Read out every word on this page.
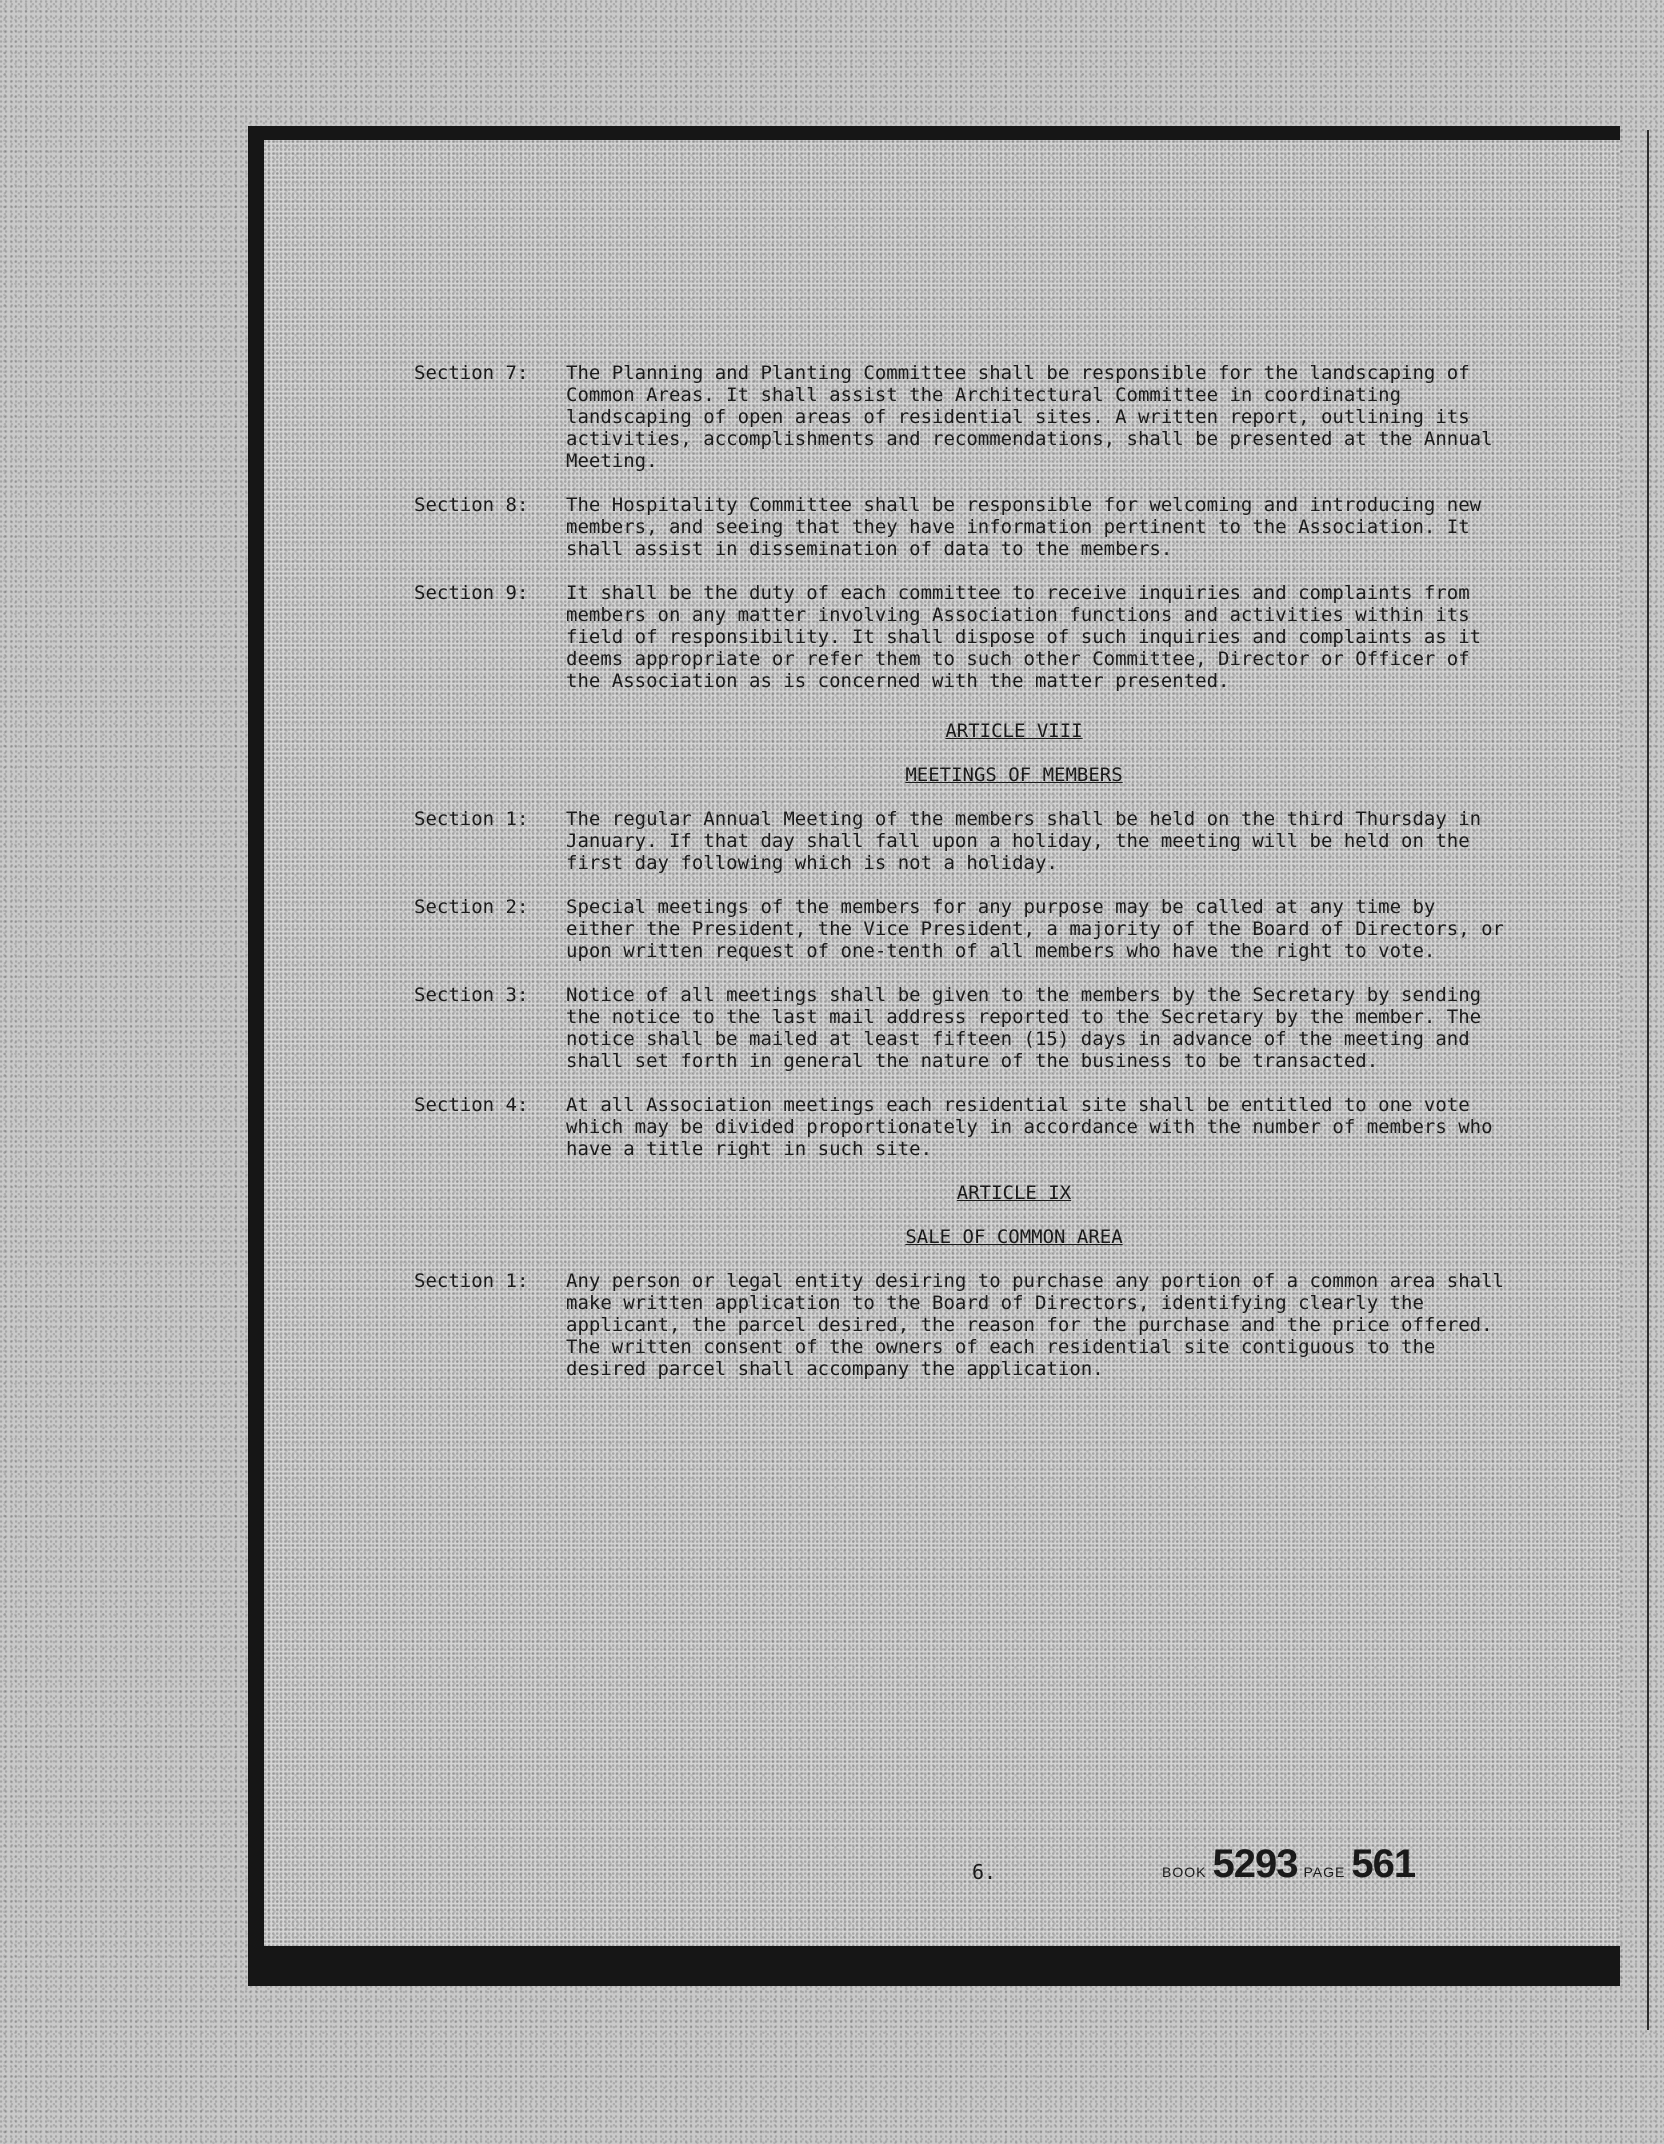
Section 7:	The Planning and Planting Committee shall be responsible for the landscaping of Common Areas. It shall assist the Architectural Committee in coordinating landscaping of open areas of residential sites. A written report, outlining its activities, accomplishments and recommendations, shall be presented at the Annual Meeting.
Section 8:	The Hospitality Committee shall be responsible for welcoming and introducing new members, and seeing that they have information pertinent to the Association. It shall assist in dissemination of data to the members.
Section 9:	It shall be the duty of each committee to receive inquiries and complaints from members on any matter involving Association functions and activities within its field of responsibility. It shall dispose of such inquiries and complaints as it deems appropriate or refer them to such other Committee, Director or Officer of the Association as is concerned with the matter presented.
ARTICLE VIII
MEETINGS OF MEMBERS
Section 1:	The regular Annual Meeting of the members shall be held on the third Thursday in January. If that day shall fall upon a holiday, the meeting will be held on the first day following which is not a holiday.
Section 2:	Special meetings of the members for any purpose may be called at any time by either the President, the Vice President, a majority of the Board of Directors, or upon written request of one-tenth of all members who have the right to vote.
Section 3:	Notice of all meetings shall be given to the members by the Secretary by sending the notice to the last mail address reported to the Secretary by the member. The notice shall be mailed at least fifteen (15) days in advance of the meeting and shall set forth in general the nature of the business to be transacted.
Section 4:	At all Association meetings each residential site shall be entitled to one vote which may be divided proportionately in accordance with the number of members who have a title right in such site.
ARTICLE IX
SALE OF COMMON AREA
Section 1:	Any person or legal entity desiring to purchase any portion of a common area shall make written application to the Board of Directors, identifying clearly the applicant, the parcel desired, the reason for the purchase and the price offered. The written consent of the owners of each residential site contiguous to the desired parcel shall accompany the application.
6.	BOOK 5293 PAGE 561
